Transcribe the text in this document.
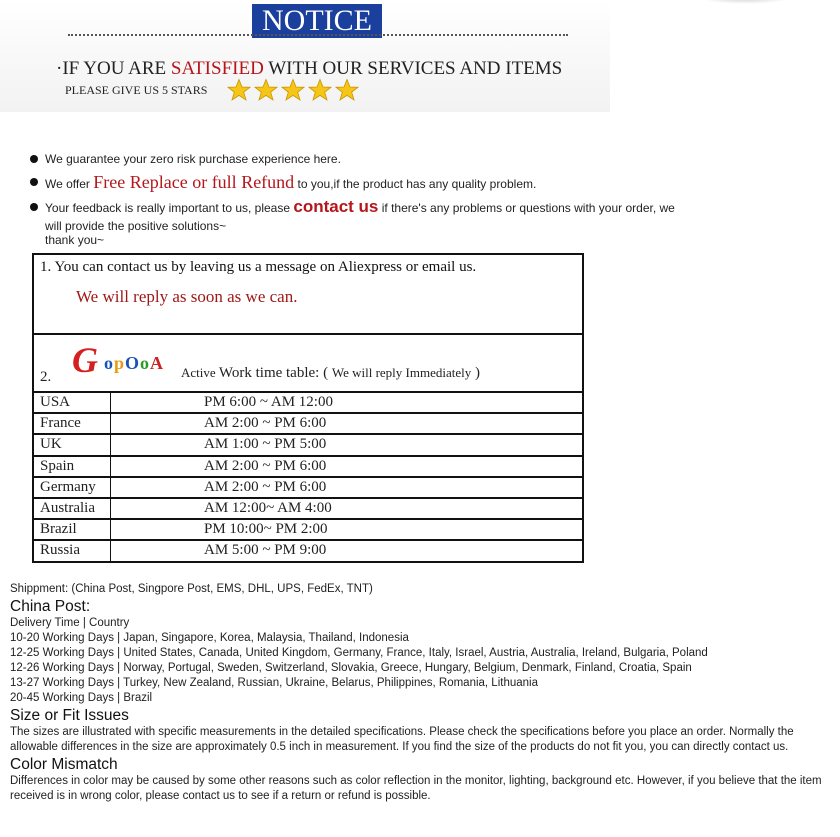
NOTICE
·IF YOU ARE SATISFIED WITH OUR SERVICES AND ITEMS
PLEASE GIVE US 5 STARS
We guarantee your zero risk purchase experience here.
We offer Free Replace or full Refund to you,if the product has any quality problem.
Your feedback is really important to us, please contact us if there's any problems or questions with your order, we will provide the positive solutions~
thank you~
1. You can contact us by leaving us a message on Aliexpress or email us.
We will reply as soon as we can.
2. G opOoA Active Work time table: ( We will reply Immediately )
USA	PM 6:00 ~ AM 12:00
France	AM 2:00 ~ PM 6:00
UK	AM 1:00 ~ PM 5:00
Spain	AM 2:00 ~ PM 6:00
Germany	AM 2:00 ~ PM 6:00
Australia	AM 12:00~ AM 4:00
Brazil	PM 10:00~ PM 2:00
Russia	AM 5:00 ~ PM 9:00

Shippment: (China Post, Singpore Post, EMS, DHL, UPS, FedEx, TNT)

China Post:

Delivery Time | Country

10-20 Working Days | Japan, Singapore, Korea, Malaysia, Thailand, Indonesia

12-25 Working Days | United States, Canada, United Kingdom, Germany, France, Italy, Israel, Austria, Australia, Ireland, Bulgaria, Poland

12-26 Working Days | Norway, Portugal, Sweden, Switzerland, Slovakia, Greece, Hungary, Belgium, Denmark, Finland, Croatia, Spain

13-27 Working Days | Turkey, New Zealand, Russian, Ukraine, Belarus, Philippines, Romania, Lithuania

20-45 Working Days | Brazil

Size or Fit Issues

The sizes are illustrated with specific measurements in the detailed specifications. Please check the specifications before you place an order. Normally the allowable differences in the size are approximately 0.5 inch in measurement. If you find the size of the products do not fit you, you can directly contact us.

Color Mismatch

Differences in color may be caused by some other reasons such as color reflection in the monitor, lighting, background etc. However, if you believe that the item received is in wrong color, please contact us to see if a return or refund is possible.
